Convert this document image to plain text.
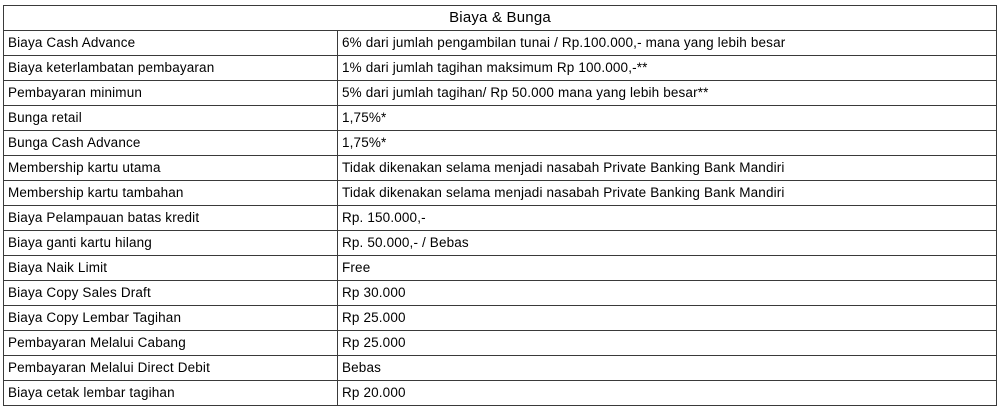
Biaya & Bunga	
Biaya Cash Advance	6% dari jumlah pengambilan tunai / Rp.100.000,- mana yang lebih besar
Biaya keterlambatan pembayaran	1% dari jumlah tagihan maksimum Rp 100.000,-**
Pembayaran minimun	5% dari jumlah tagihan/ Rp 50.000 mana yang lebih besar**
Bunga retail	1,75%*
Bunga Cash Advance	1,75%*
Membership kartu utama	Tidak dikenakan selama menjadi nasabah Private Banking Bank Mandiri
Membership kartu tambahan	Tidak dikenakan selama menjadi nasabah Private Banking Bank Mandiri
Biaya Pelampauan batas kredit	Rp. 150.000,-
Biaya ganti kartu hilang	Rp. 50.000,- / Bebas
Biaya Naik Limit	Free
Biaya Copy Sales Draft	Rp 30.000
Biaya Copy Lembar Tagihan	Rp 25.000
Pembayaran Melalui Cabang	Rp 25.000
Pembayaran Melalui Direct Debit	Bebas
Biaya cetak lembar tagihan	Rp 20.000
